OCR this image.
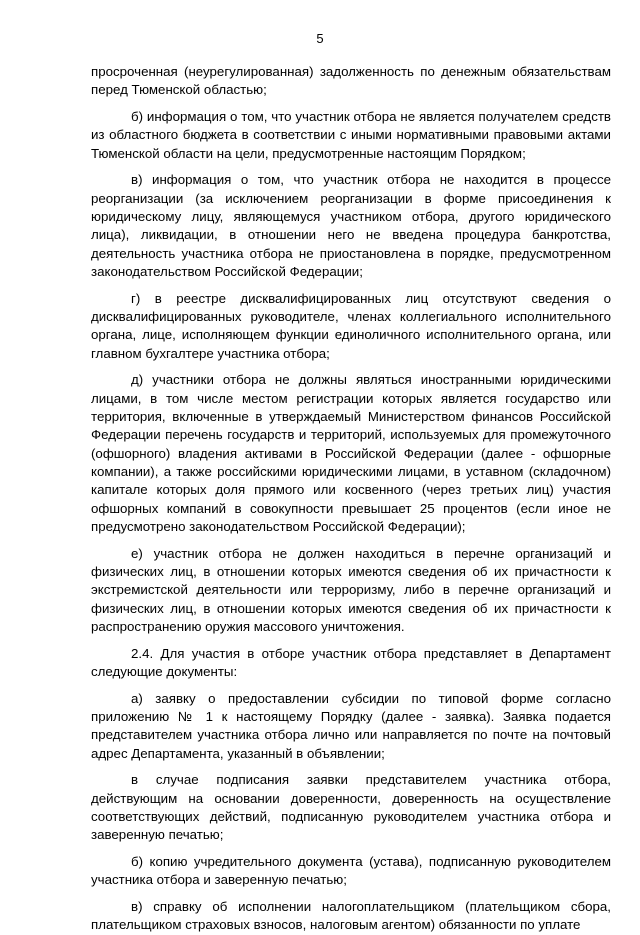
5

просроченная (неурегулированная) задолженность по денежным обязательствам перед Тюменской областью;

б) информация о том, что участник отбора не является получателем средств из областного бюджета в соответствии с иными нормативными правовыми актами Тюменской области на цели, предусмотренные настоящим Порядком;

в) информация о том, что участник отбора не находится в процессе реорганизации (за исключением реорганизации в форме присоединения к юридическому лицу, являющемуся участником отбора, другого юридического лица), ликвидации, в отношении него не введена процедура банкротства, деятельность участника отбора не приостановлена в порядке, предусмотренном законодательством Российской Федерации;

г) в реестре дисквалифицированных лиц отсутствуют сведения о дисквалифицированных руководителе, членах коллегиального исполнительного органа, лице, исполняющем функции единоличного исполнительного органа, или главном бухгалтере участника отбора;

д) участники отбора не должны являться иностранными юридическими лицами, в том числе местом регистрации которых является государство или территория, включенные в утверждаемый Министерством финансов Российской Федерации перечень государств и территорий, используемых для промежуточного (офшорного) владения активами в Российской Федерации (далее - офшорные компании), а также российскими юридическими лицами, в уставном (складочном) капитале которых доля прямого или косвенного (через третьих лиц) участия офшорных компаний в совокупности превышает 25 процентов (если иное не предусмотрено законодательством Российской Федерации);

е) участник отбора не должен находиться в перечне организаций и физических лиц, в отношении которых имеются сведения об их причастности к экстремистской деятельности или терроризму, либо в перечне организаций и физических лиц, в отношении которых имеются сведения об их причастности к распространению оружия массового уничтожения.

2.4. Для участия в отборе участник отбора представляет в Департамент следующие документы:

а) заявку о предоставлении субсидии по типовой форме согласно приложению № 1 к настоящему Порядку (далее - заявка). Заявка подается представителем участника отбора лично или направляется по почте на почтовый адрес Департамента, указанный в объявлении;

в случае подписания заявки представителем участника отбора, действующим на основании доверенности, доверенность на осуществление соответствующих действий, подписанную руководителем участника отбора и заверенную печатью;

б) копию учредительного документа (устава), подписанную руководителем участника отбора и заверенную печатью;

в) справку об исполнении налогоплательщиком (плательщиком сбора, плательщиком страховых взносов, налоговым агентом) обязанности по уплате
